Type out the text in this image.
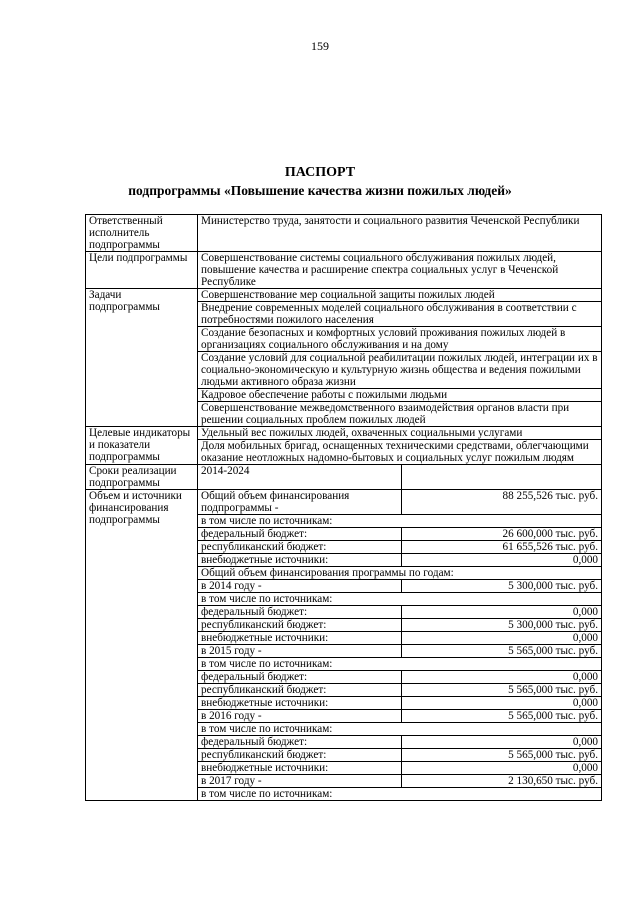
159
ПАСПОРТ
подпрограммы «Повышение качества жизни пожилых людей»
Ответственный исполнитель подпрограммы	Министерство труда, занятости и социального развития Чеченской Республики	
Цели подпрограммы	Совершенствование системы социального обслуживания пожилых людей, повышение качества и расширение спектра социальных услуг в Чеченской Республике	
Задачи подпрограммы	Совершенствование мер социальной защиты пожилых людей	
	Внедрение современных моделей социального обслуживания в соответствии с потребностями пожилого населения	
	Создание безопасных и комфортных условий проживания пожилых людей в организациях социального обслуживания и на дому	
	Создание условий для социальной реабилитации пожилых людей, интеграции их в социально-экономическую и культурную жизнь общества и ведения пожилыми людьми активного образа жизни	
	Кадровое обеспечение работы с пожилыми людьми	
	Совершенствование межведомственного взаимодействия органов власти при решении социальных проблем пожилых людей	
Целевые индикаторы и показатели подпрограммы	Удельный вес пожилых людей, охваченных социальными услугами	
	Доля мобильных бригад, оснащенных техническими средствами, облегчающими оказание неотложных надомно-бытовых и социальных услуг пожилым людям	
Сроки реализации подпрограммы	2014-2024	
Объем и источники финансирования подпрограммы	Общий объем финансирования подпрограммы -	88 255,526 тыс. руб.
	в том числе по источникам:	
	федеральный бюджет:	26 600,000 тыс. руб.
	республиканский бюджет:	61 655,526 тыс. руб.
	внебюджетные источники:	0,000
	Общий объем финансирования программы по годам:	
	в 2014 году -	5 300,000 тыс. руб.
	в том числе по источникам:	
	федеральный бюджет:	0,000
	республиканский бюджет:	5 300,000 тыс. руб.
	внебюджетные источники:	0,000
	в 2015 году -	5 565,000 тыс. руб.
	в том числе по источникам:	
	федеральный бюджет:	0,000
	республиканский бюджет:	5 565,000 тыс. руб.
	внебюджетные источники:	0,000
	в 2016 году -	5 565,000 тыс. руб.
	в том числе по источникам:	
	федеральный бюджет:	0,000
	республиканский бюджет:	5 565,000 тыс. руб.
	внебюджетные источники:	0,000
	в 2017 году -	2 130,650 тыс. руб.
	в том числе по источникам:	
